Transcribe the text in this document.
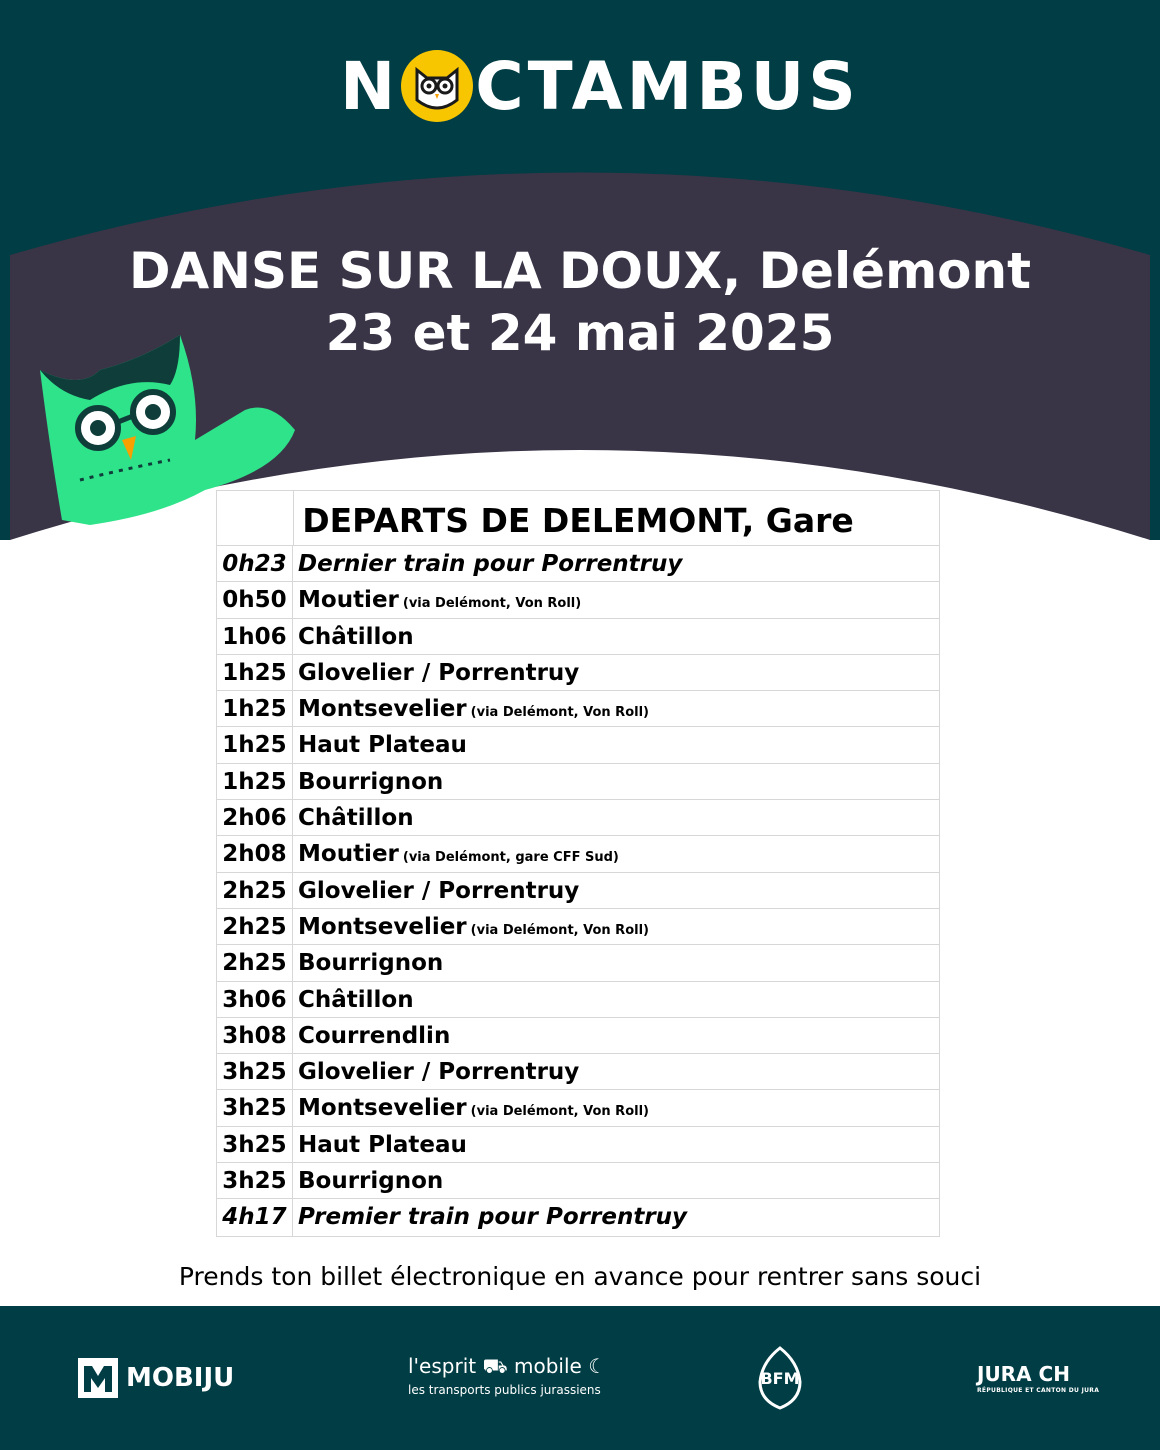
N CTAMBUS
DANSE SUR LA DOUX, Delémont
23 et 24 mai 2025
DEPARTS DE DELEMONT, Gare
0h23 Dernier train pour Porrentruy
0h50 Moutier (via Delémont, Von Roll)
1h06 Châtillon
1h25 Glovelier / Porrentruy
1h25 Montsevelier (via Delémont, Von Roll)
1h25 Haut Plateau
1h25 Bourrignon
2h06 Châtillon
2h08 Moutier (via Delémont, gare CFF Sud)
2h25 Glovelier / Porrentruy
2h25 Montsevelier (via Delémont, Von Roll)
2h25 Bourrignon
3h06 Châtillon
3h08 Courrendlin
3h25 Glovelier / Porrentruy
3h25 Montsevelier (via Delémont, Von Roll)
3h25 Haut Plateau
3h25 Bourrignon
4h17 Premier train pour Porrentruy
Prends ton billet électronique en avance pour rentrer sans souci
MOBIJU	l'esprit ⛟ mobile ☾
les transports publics jurassiens
BFM	JURA CH
RÉPUBLIQUE ET CANTON DU JURA
